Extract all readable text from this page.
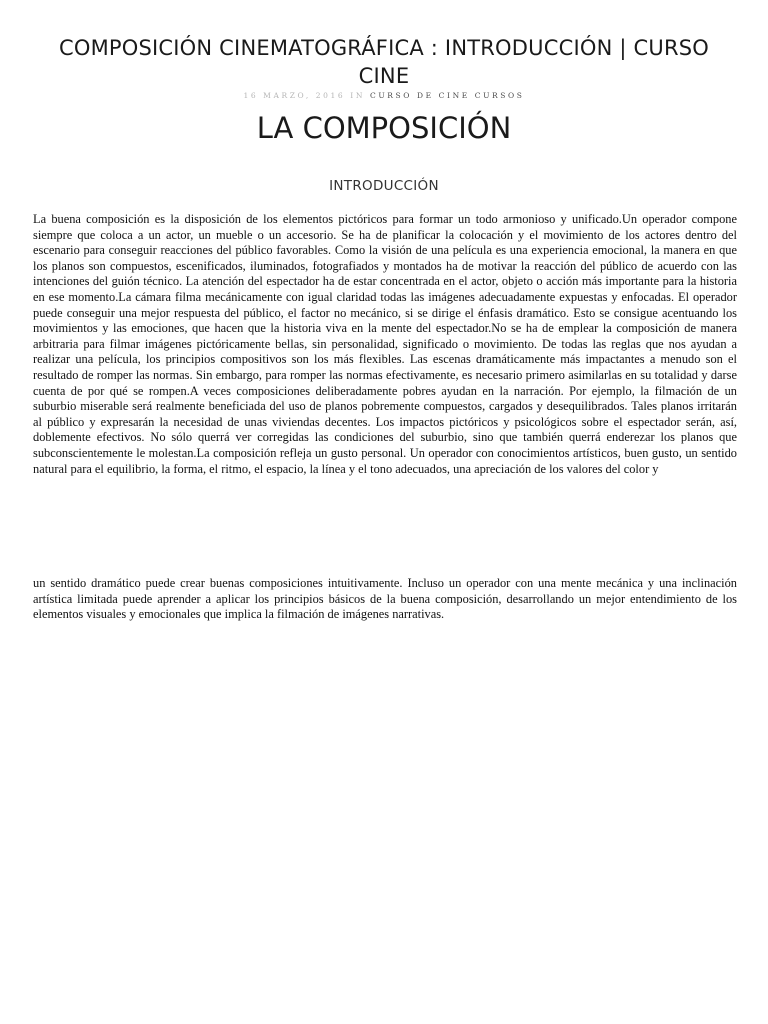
COMPOSICIÓN CINEMATOGRÁFICA : INTRODUCCIÓN | CURSO CINE
16 MARZO, 2016 IN CURSO DE CINE CURSOS
LA COMPOSICIÓN
INTRODUCCIÓN

La buena composición es la disposición de los elementos pictóricos para formar un todo armonioso y unificado.Un operador compone siempre que coloca a un actor, un mueble o un accesorio. Se ha de planificar la colocación y el movimiento de los actores dentro del escenario para conseguir reacciones del público favorables. Como la visión de una película es una experiencia emocional, la manera en que los planos son compuestos, escenificados, iluminados, fotografiados y montados ha de motivar la reacción del público de acuerdo con las intenciones del guión técnico. La atención del espectador ha de estar concentrada en el actor, objeto o acción más importante para la historia en ese momento.La cámara filma mecánicamente con igual claridad todas las imágenes adecuadamente expuestas y enfocadas. El operador puede conseguir una mejor respuesta del público, el factor no mecánico, si se dirige el énfasis dramático. Esto se consigue acentuando los movimientos y las emociones, que hacen que la historia viva en la mente del espectador.No se ha de emplear la composición de manera arbitraria para filmar imágenes pictóricamente bellas, sin personalidad, significado o movimiento. De todas las reglas que nos ayudan a realizar una película, los principios compositivos son los más flexibles. Las escenas dramáticamente más impactantes a menudo son el resultado de romper las normas. Sin embargo, para romper las normas efectivamente, es necesario primero asimilarlas en su totalidad y darse cuenta de por qué se rompen.A veces composiciones deliberadamente pobres ayudan en la narración. Por ejemplo, la filmación de un suburbio miserable será realmente beneficiada del uso de planos pobremente compuestos, cargados y desequilibrados. Tales planos irritarán al público y expresarán la necesidad de unas viviendas decentes. Los impactos pictóricos y psicológicos sobre el espectador serán, así, doblemente efectivos. No sólo querrá ver corregidas las condiciones del suburbio, sino que también querrá enderezar los planos que subconscientemente le molestan.La composición refleja un gusto personal. Un operador con conocimientos artísticos, buen gusto, un sentido natural para el equilibrio, la forma, el ritmo, el espacio, la línea y el tono adecuados, una apreciación de los valores del color y

un sentido dramático puede crear buenas composiciones intuitivamente. Incluso un operador con una mente mecánica y una inclinación artística limitada puede aprender a aplicar los principios básicos de la buena composición, desarrollando un mejor entendimiento de los elementos visuales y emocionales que implica la filmación de imágenes narrativas.
